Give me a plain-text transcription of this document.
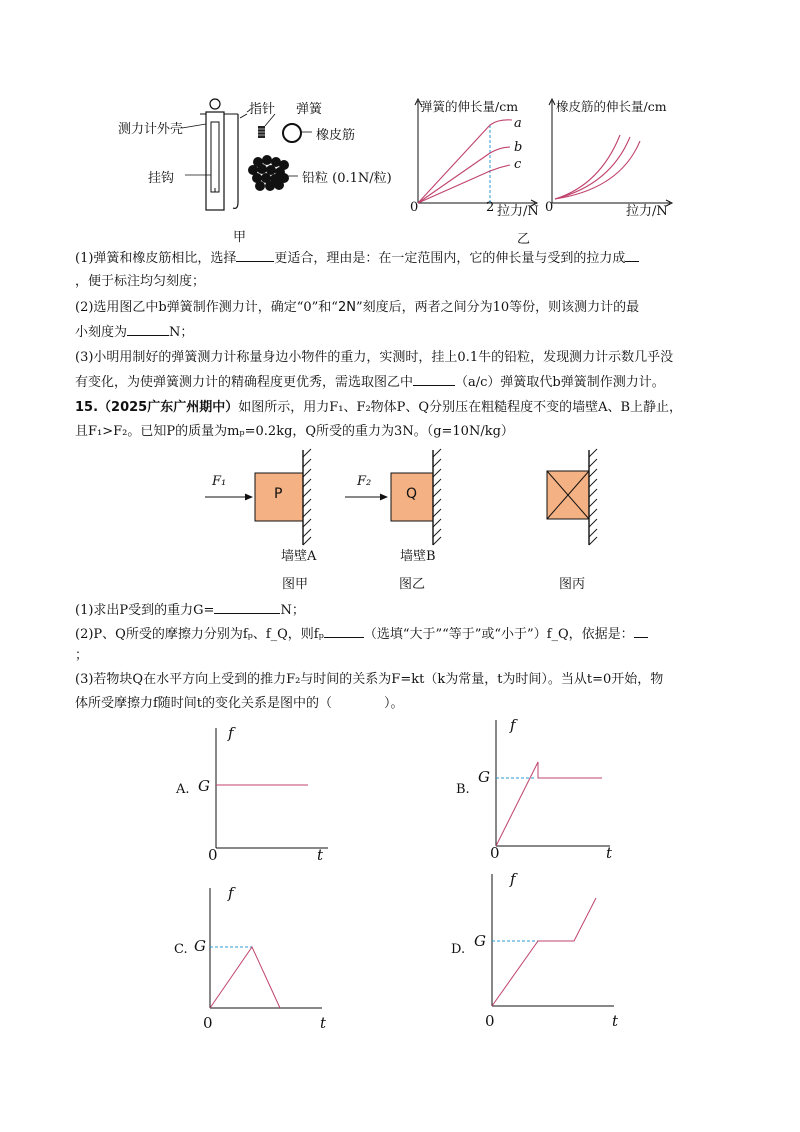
指针 弹簧
测力计外壳	橡皮筋
挂钩	铅粒 (0.1N/粒)
甲
弹簧的伸长量/cm
a
b
c
0	2 拉力/N
橡皮筋的伸长量/cm
0	拉力/N
乙
(1)弹簧和橡皮筋相比，选择	更适合，理由是：在一定范围内，它的伸长量与受到的拉力成
，便于标注均匀刻度；
(2)选用图乙中b弹簧制作测力计，确定“0”和“2N”刻度后，两者之间分为10等份，则该测力计的最
小刻度为	N；
(3)小明用制好的弹簧测力计称量身边小物件的重力，实测时，挂上0.1牛的铅粒，发现测力计示数几乎没
有变化，为使弹簧测力计的精确程度更优秀，需选取图乙中	（a/c）弹簧取代b弹簧制作测力计。
15.（2025广东广州期中）如图所示，用力F₁、F₂物体P、Q分别压在粗糙程度不变的墙壁A、B上静止，
且F₁>F₂。已知P的质量为mₚ=0.2kg，Q所受的重力为3N。（g=10N/kg）
F₁
P
F₂
Q
墙壁A	墙壁B
图甲	图乙	图丙
(1)求出P受到的重力G=	N；
(2)P、Q所受的摩擦力分别为fₚ、f_Q，则fₚ	（选填“大于”“等于”或“小于”）f_Q，依据是：
；
(3)若物块Q在水平方向上受到的推力F₂与时间的关系为F=kt（k为常量，t为时间）。当从t=0开始，物
体所受摩擦力f随时间t的变化关系是图中的（　　　　）。
A.
f
G
0	t
B.
f
G
0	t
C.
f
G
0	t
D.
f
G
0	t
